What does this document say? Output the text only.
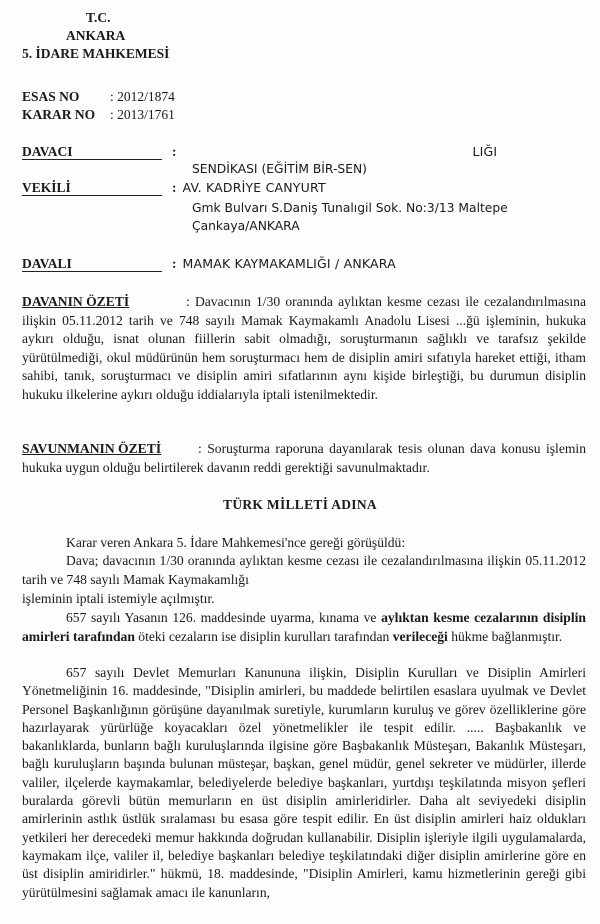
T.C.
ANKARA
5. İDARE MAHKEMESİ
ESAS NO : 2012/1874
KARAR NO : 2013/1761
DAVACI	:	LIĞI
SENDİKASI (EĞİTİM BİR-SEN)
VEKİLİ	: AV. KADRİYE CANYURT
Gmk Bulvarı S.Daniş Tunalıgil Sok. No:3/13 Maltepe
Çankaya/ANKARA
DAVALI	: MAMAK KAYMAKAMLIĞI / ANKARA
DAVANIN ÖZETİ	: Davacının 1/30 oranında aylıktan kesme cezası ile cezalandırılmasına ilişkin 05.11.2012 tarih ve 748 sayılı Mamak Kaymakamlı Anadolu Lisesi ...ğü işleminin, hukuka aykırı olduğu, isnat olunan fiillerin sabit olmadığı, soruşturmanın sağlıklı ve tarafsız şekilde yürütülmediği, okul müdürünün hem soruşturmacı hem de disiplin amiri sıfatıyla hareket ettiği, itham sahibi, tanık, soruşturmacı ve disiplin amiri sıfatlarının aynı kişide birleştiği, bu durumun disiplin hukuku ilkelerine aykırı olduğu iddialarıyla iptali istenilmektedir.
SAVUNMANIN ÖZETİ	: Soruşturma raporuna dayanılarak tesis olunan dava konusu işlemin hukuka uygun olduğu belirtilerek davanın reddi gerektiği savunulmaktadır.
TÜRK MİLLETİ ADINA
Karar veren Ankara 5. İdare Mahkemesi'nce gereği görüşüldü:
Dava; davacının 1/30 oranında aylıktan kesme cezası ile cezalandırılmasına ilişkin 05.11.2012 tarih ve 748 sayılı Mamak Kaymakamlığı
işleminin iptali istemiyle açılmıştır.
657 sayılı Yasanın 126. maddesinde uyarma, kınama ve aylıktan kesme cezalarının disiplin amirleri tarafından öteki cezaların ise disiplin kurulları tarafından verileceği hükme bağlanmıştır.
657 sayılı Devlet Memurları Kanununa ilişkin, Disiplin Kurulları ve Disiplin Amirleri Yönetmeliğinin 16. maddesinde, "Disiplin amirleri, bu maddede belirtilen esaslara uyulmak ve Devlet Personel Başkanlığının görüşüne dayanılmak suretiyle, kurumların kuruluş ve görev özelliklerine göre hazırlayarak yürürlüğe koyacakları özel yönetmelikler ile tespit edilir. ..... Başbakanlık ve bakanlıklarda, bunların bağlı kuruluşlarında ilgisine göre Başbakanlık Müsteşarı, Bakanlık Müsteşarı, bağlı kuruluşların başında bulunan müsteşar, başkan, genel müdür, genel sekreter ve müdürler, illerde valiler, ilçelerde kaymakamlar, belediyelerde belediye başkanları, yurtdışı teşkilatında misyon şefleri buralarda görevli bütün memurların en üst disiplin amirleridirler. Daha alt seviyedeki disiplin amirlerinin astlık üstlük sıralaması bu esasa göre tespit edilir. En üst disiplin amirleri haiz oldukları yetkileri her derecedeki memur hakkında doğrudan kullanabilir. Disiplin işleriyle ilgili uygulamalarda, kaymakam ilçe, valiler il, belediye başkanları belediye teşkilatındaki diğer disiplin amirlerine göre en üst disiplin amiridirler." hükmü, 18. maddesinde, "Disiplin Amirleri, kamu hizmetlerinin gereği gibi yürütülmesini sağlamak amacı ile kanunların,
